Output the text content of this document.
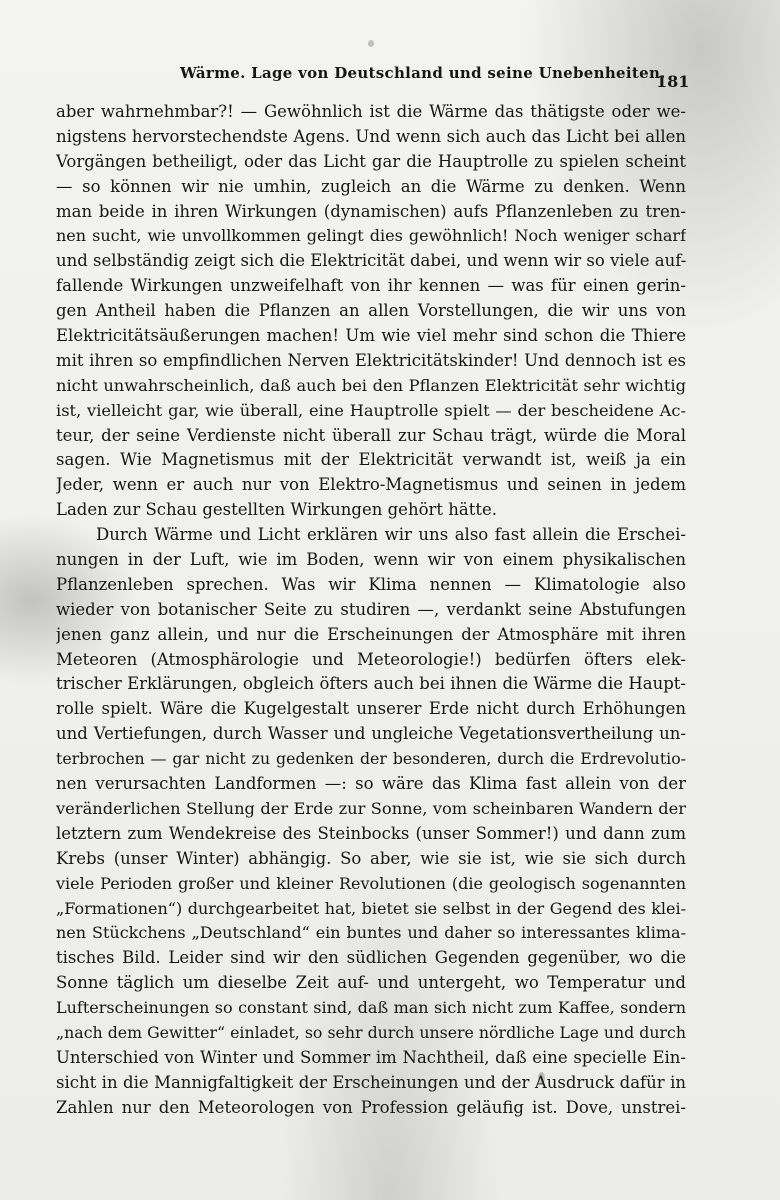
Wärme. Lage von Deutschland und seine Unebenheiten.
181
aber wahrnehmbar?! — Gewöhnlich ist die Wärme das thätigste oder we-
nigstens hervorstechendste Agens. Und wenn sich auch das Licht bei allen
Vorgängen betheiligt, oder das Licht gar die Hauptrolle zu spielen scheint
— so können wir nie umhin, zugleich an die Wärme zu denken. Wenn
man beide in ihren Wirkungen (dynamischen) aufs Pflanzenleben zu tren-
nen sucht, wie unvollkommen gelingt dies gewöhnlich! Noch weniger scharf
und selbständig zeigt sich die Elektricität dabei, und wenn wir so viele auf-
fallende Wirkungen unzweifelhaft von ihr kennen — was für einen gerin-
gen Antheil haben die Pflanzen an allen Vorstellungen, die wir uns von
Elektricitätsäußerungen machen! Um wie viel mehr sind schon die Thiere
mit ihren so empfindlichen Nerven Elektricitätskinder! Und dennoch ist es
nicht unwahrscheinlich, daß auch bei den Pflanzen Elektricität sehr wichtig
ist, vielleicht gar, wie überall, eine Hauptrolle spielt — der bescheidene Ac-
teur, der seine Verdienste nicht überall zur Schau trägt, würde die Moral
sagen. Wie Magnetismus mit der Elektricität verwandt ist, weiß ja ein
Jeder, wenn er auch nur von Elektro-Magnetismus und seinen in jedem
Laden zur Schau gestellten Wirkungen gehört hätte.
Durch Wärme und Licht erklären wir uns also fast allein die Erschei-
nungen in der Luft, wie im Boden, wenn wir von einem physikalischen
Pflanzenleben sprechen. Was wir Klima nennen — Klimatologie also
wieder von botanischer Seite zu studiren —, verdankt seine Abstufungen
jenen ganz allein, und nur die Erscheinungen der Atmosphäre mit ihren
Meteoren (Atmosphärologie und Meteorologie!) bedürfen öfters elek-
trischer Erklärungen, obgleich öfters auch bei ihnen die Wärme die Haupt-
rolle spielt. Wäre die Kugelgestalt unserer Erde nicht durch Erhöhungen
und Vertiefungen, durch Wasser und ungleiche Vegetationsvertheilung un-
terbrochen — gar nicht zu gedenken der besonderen, durch die Erdrevolutio-
nen verursachten Landformen —: so wäre das Klima fast allein von der
veränderlichen Stellung der Erde zur Sonne, vom scheinbaren Wandern der
letztern zum Wendekreise des Steinbocks (unser Sommer!) und dann zum
Krebs (unser Winter) abhängig. So aber, wie sie ist, wie sie sich durch
viele Perioden großer und kleiner Revolutionen (die geologisch sogenannten
„Formationen“) durchgearbeitet hat, bietet sie selbst in der Gegend des klei-
nen Stückchens „Deutschland“ ein buntes und daher so interessantes klima-
tisches Bild. Leider sind wir den südlichen Gegenden gegenüber, wo die
Sonne täglich um dieselbe Zeit auf- und untergeht, wo Temperatur und
Lufterscheinungen so constant sind, daß man sich nicht zum Kaffee, sondern
„nach dem Gewitter“ einladet, so sehr durch unsere nördliche Lage und durch
Unterschied von Winter und Sommer im Nachtheil, daß eine specielle Ein-
sicht in die Mannigfaltigkeit der Erscheinungen und der Ausdruck dafür in
Zahlen nur den Meteorologen von Profession geläufig ist. Dove, unstrei-
